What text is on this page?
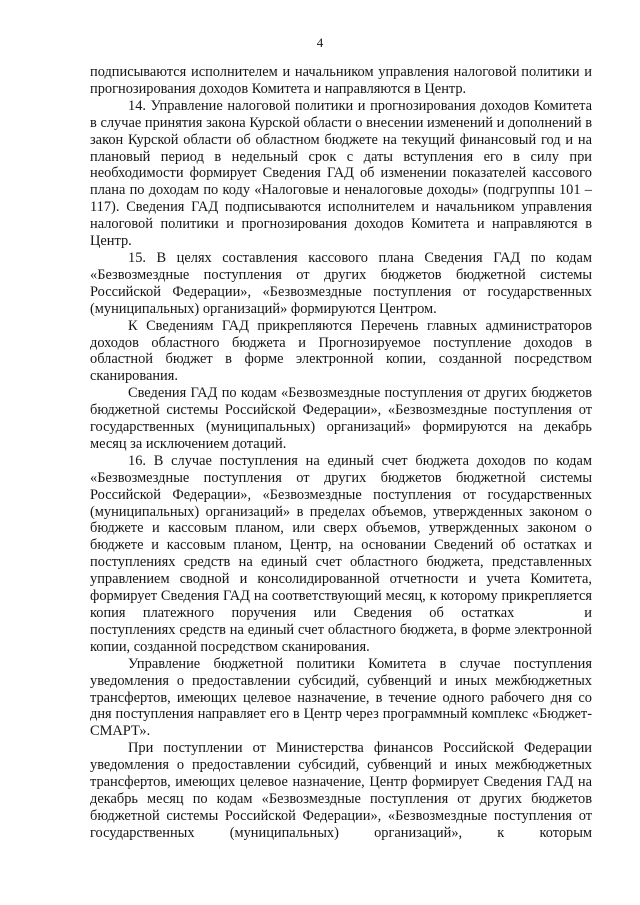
4

подписываются исполнителем и начальником управления налоговой политики и прогнозирования доходов Комитета и направляются в Центр.

14. Управление налоговой политики и прогнозирования доходов Комитета в случае принятия закона Курской области о внесении изменений и дополнений в закон Курской области об областном бюджете на текущий финансовый год и на плановый период в недельный срок с даты вступления его в силу при необходимости формирует Сведения ГАД об изменении показателей кассового плана по доходам по коду «Налоговые и неналоговые доходы» (подгруппы 101 – 117). Сведения ГАД подписываются исполнителем и начальником управления налоговой политики и прогнозирования доходов Комитета и направляются в Центр.

15. В целях составления кассового плана Сведения ГАД по кодам «Безвозмездные поступления от других бюджетов бюджетной системы Российской Федерации», «Безвозмездные поступления от государственных (муниципальных) организаций» формируются Центром.

К Сведениям ГАД прикрепляются Перечень главных администраторов доходов областного бюджета и Прогнозируемое поступление доходов в областной бюджет в форме электронной копии, созданной посредством сканирования.

Сведения ГАД по кодам «Безвозмездные поступления от других бюджетов бюджетной системы Российской Федерации», «Безвозмездные поступления от государственных (муниципальных) организаций» формируются на декабрь месяц за исключением дотаций.

16. В случае поступления на единый счет бюджета доходов по кодам «Безвозмездные поступления от других бюджетов бюджетной системы Российской Федерации», «Безвозмездные поступления от государственных (муниципальных) организаций» в пределах объемов, утвержденных законом о бюджете и кассовым планом, или сверх объемов, утвержденных законом о бюджете и кассовым планом, Центр, на основании Сведений об остатках и поступлениях средств на единый счет областного бюджета, представленных управлением сводной и консолидированной отчетности и учета Комитета, формирует Сведения ГАД на соответствующий месяц, к которому прикрепляется копия платежного поручения или Сведения об остатках	и поступлениях средств на единый счет областного бюджета, в форме электронной копии, созданной посредством сканирования.

Управление бюджетной политики Комитета в случае поступления уведомления о предоставлении субсидий, субвенций и иных межбюджетных трансфертов, имеющих целевое назначение, в течение одного рабочего дня со дня поступления направляет его в Центр через программный комплекс «Бюджет-СМАРТ».

При поступлении от Министерства финансов Российской Федерации уведомления о предоставлении субсидий, субвенций и иных межбюджетных трансфертов, имеющих целевое назначение, Центр формирует Сведения ГАД на декабрь месяц по кодам «Безвозмездные поступления от других бюджетов бюджетной системы Российской Федерации», «Безвозмездные поступления от государственных (муниципальных) организаций», к которым
